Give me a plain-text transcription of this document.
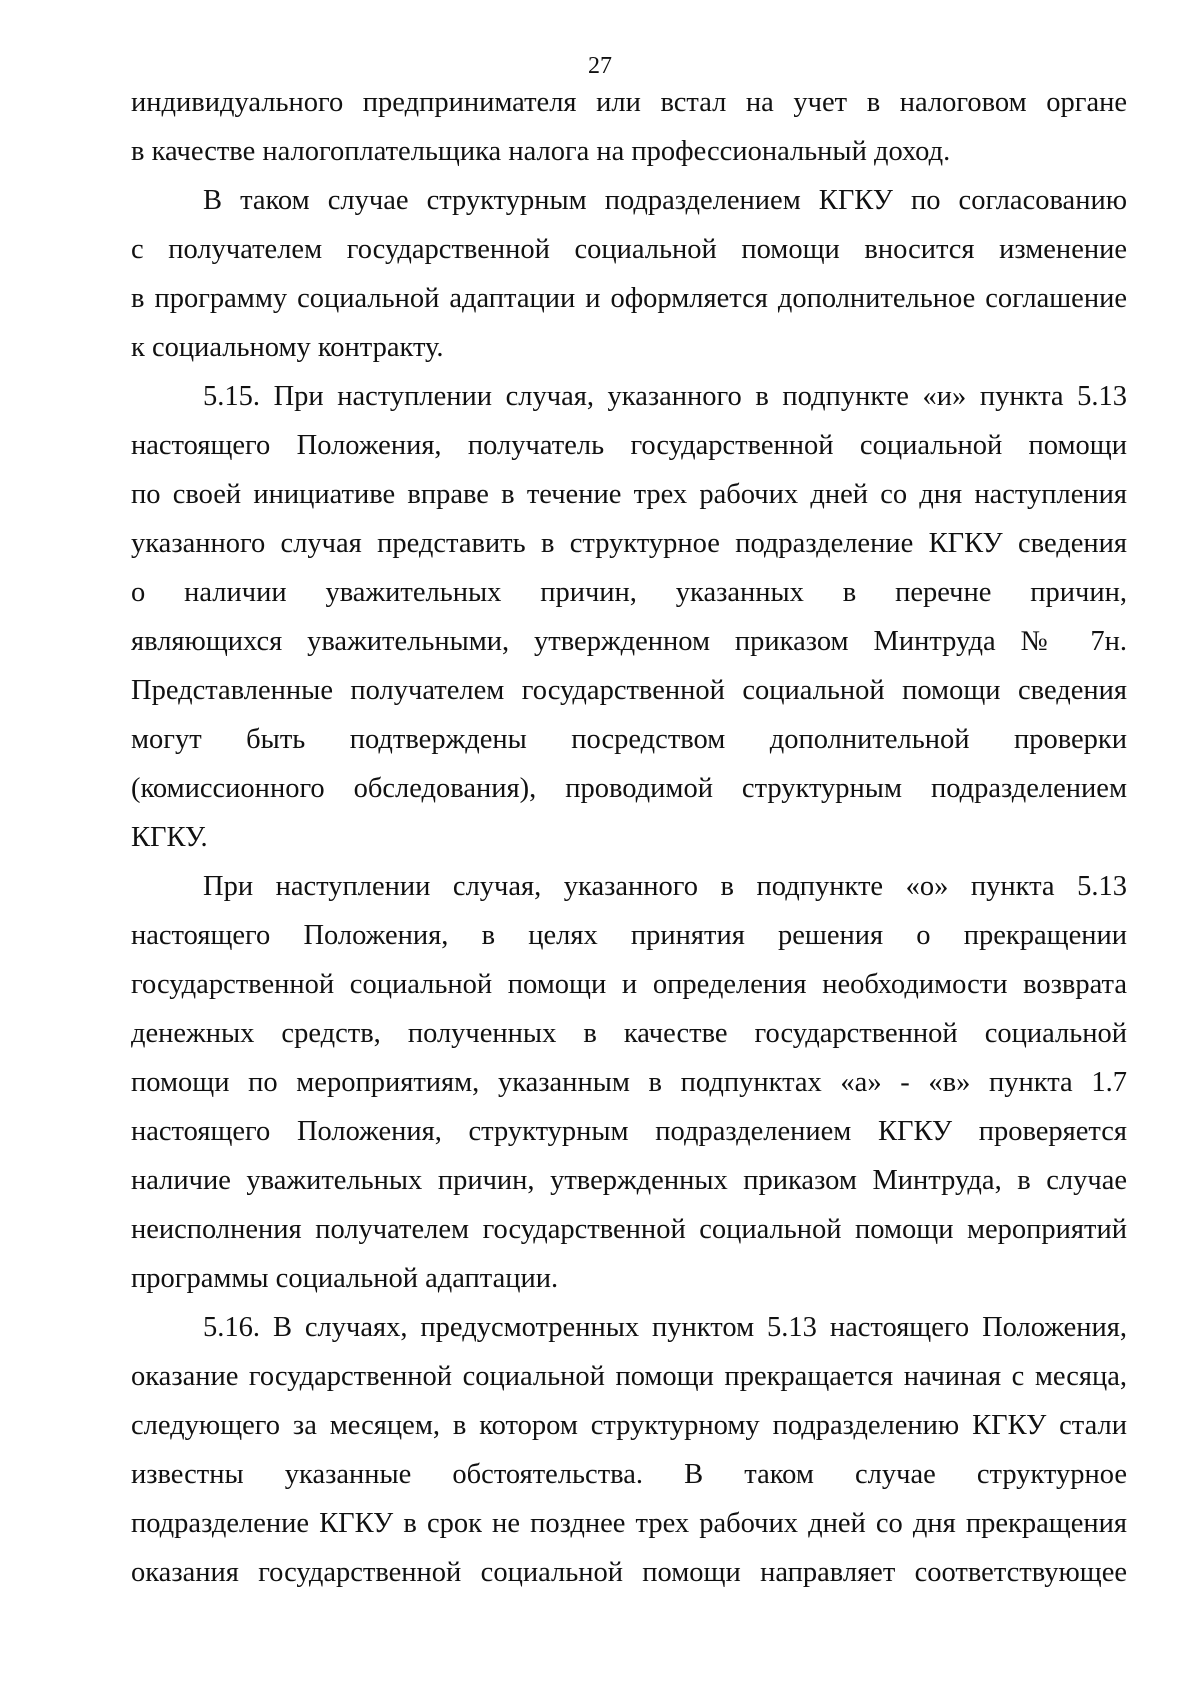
27
индивидуального предпринимателя или встал на учет в налоговом органе
в качестве налогоплательщика налога на профессиональный доход.
В таком случае структурным подразделением КГКУ по согласованию
с получателем государственной социальной помощи вносится изменение
в программу социальной адаптации и оформляется дополнительное соглашение
к социальному контракту.
5.15. При наступлении случая, указанного в подпункте «и» пункта 5.13
настоящего Положения, получатель государственной социальной помощи
по своей инициативе вправе в течение трех рабочих дней со дня наступления
указанного случая представить в структурное подразделение КГКУ сведения
о наличии уважительных причин, указанных в перечне причин,
являющихся уважительными, утвержденном приказом Минтруда № 7н.
Представленные получателем государственной социальной помощи сведения
могут быть подтверждены посредством дополнительной проверки
(комиссионного обследования), проводимой структурным подразделением
КГКУ.
При наступлении случая, указанного в подпункте «о» пункта 5.13
настоящего Положения, в целях принятия решения о прекращении
государственной социальной помощи и определения необходимости возврата
денежных средств, полученных в качестве государственной социальной
помощи по мероприятиям, указанным в подпунктах «а» - «в» пункта 1.7
настоящего Положения, структурным подразделением КГКУ проверяется
наличие уважительных причин, утвержденных приказом Минтруда, в случае
неисполнения получателем государственной социальной помощи мероприятий
программы социальной адаптации.
5.16. В случаях, предусмотренных пунктом 5.13 настоящего Положения,
оказание государственной социальной помощи прекращается начиная с месяца,
следующего за месяцем, в котором структурному подразделению КГКУ стали
известны указанные обстоятельства. В таком случае структурное
подразделение КГКУ в срок не позднее трех рабочих дней со дня прекращения
оказания государственной социальной помощи направляет соответствующее
